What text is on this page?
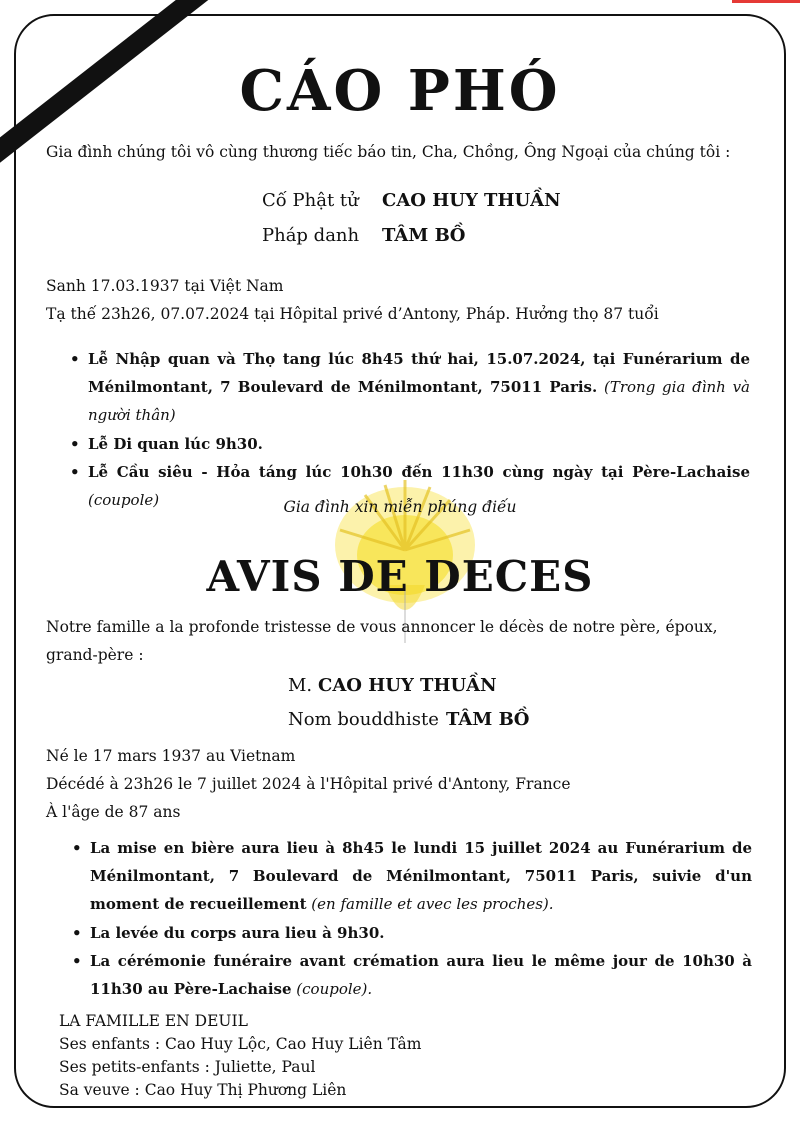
CÁO PHÓ
Gia đình chúng tôi vô cùng thương tiếc báo tin, Cha, Chồng, Ông Ngoại của chúng tôi :
Cố Phật tử CAO HUY THUẦN
Pháp danh TÂM BỒ
Sanh 17.03.1937 tại Việt Nam
Tạ thế 23h26, 07.07.2024 tại Hôpital privé d’Antony, Pháp. Hưởng thọ 87 tuổi
• Lễ Nhập quan và Thọ tang lúc 8h45 thứ hai, 15.07.2024, tại Funérarium de Ménilmontant, 7 Boulevard de Ménilmontant, 75011 Paris. (Trong gia đình và người thân)
• Lễ Di quan lúc 9h30.
• Lễ Cầu siêu - Hỏa táng lúc 10h30 đến 11h30 cùng ngày tại Père-Lachaise (coupole)	Gia đình xin miễn phúng điếu
AVIS DE DECES
Notre famille a la profonde tristesse de vous annoncer le décès de notre père, époux,
grand-père :
M. CAO HUY THUẦN
Nom bouddhiste TÂM BỒ
Né le 17 mars 1937 au Vietnam
Décédé à 23h26 le 7 juillet 2024 à l'Hôpital privé d'Antony, France
À l'âge de 87 ans
• La mise en bière aura lieu à 8h45 le lundi 15 juillet 2024 au Funérarium de Ménilmontant, 7 Boulevard de Ménilmontant, 75011 Paris, suivie d'un moment de recueillement (en famille et avec les proches).
• La levée du corps aura lieu à 9h30.
• La cérémonie funéraire avant crémation aura lieu le même jour de 10h30 à 11h30 au Père-Lachaise (coupole).
LA FAMILLE EN DEUIL
Ses enfants : Cao Huy Lộc, Cao Huy Liên Tâm
Ses petits-enfants : Juliette, Paul
Sa veuve : Cao Huy Thị Phương Liên
